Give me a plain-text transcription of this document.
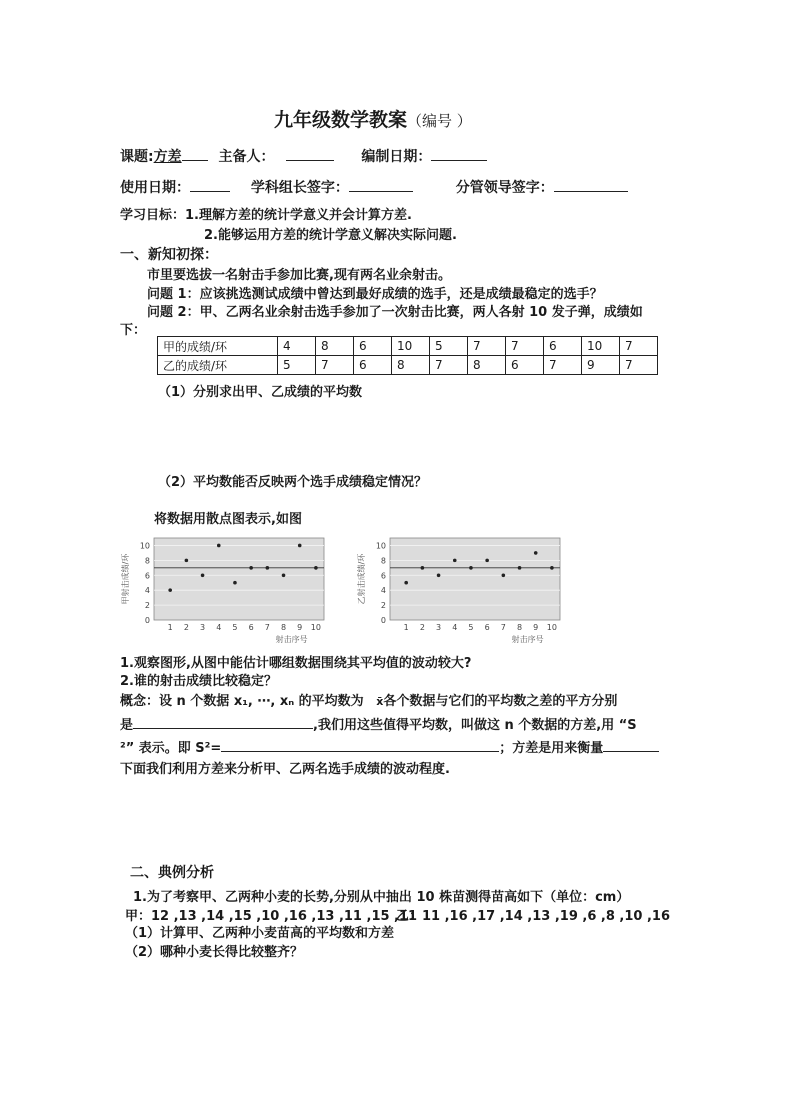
九年级数学教案（编号 ）
课题:方差	主备人：	编制日期：
使用日期：	学科组长签字：	分管领导签字：
学习目标：1.理解方差的统计学意义并会计算方差.
2.能够运用方差的统计学意义解决实际问题.
一、新知初探：
市里要选拔一名射击手参加比赛,现有两名业余射击。
问题 1：应该挑选测试成绩中曾达到最好成绩的选手，还是成绩最稳定的选手？
问题 2：甲、乙两名业余射击选手参加了一次射击比赛，两人各射 10 发子弹，成绩如
下：
甲的成绩/环	4	8	6	10	5	7	7	6	10	7
乙的成绩/环	5	7	6	8	7	8	6	7	9	7
（1）分别求出甲、乙成绩的平均数
（2）平均数能否反映两个选手成绩稳定情况？
将数据用散点图表示,如图
0
2
4
6
8
10
1 2 3 4 5 6 7 8 9 10
射击序号
甲射击成绩/环
0
2
4
6
8
10
1 2 3 4 5 6 7 8 9 10
射击序号
乙射击成绩/环
1.观察图形,从图中能估计哪组数据围绕其平均值的波动较大?
2.谁的射击成绩比较稳定？
概念：设 n 个数据 x₁, ⋯, xₙ 的平均数为 x̄各个数据与它们的平均数之差的平方分别
是	,我们用这些值得平均数，叫做这 n 个数据的方差,用 “S
²” 表示。即 S²=	；方差是用来衡量
下面我们利用方差来分析甲、乙两名选手成绩的波动程度.
二、典例分析
1.为了考察甲、乙两种小麦的长势,分别从中抽出 10 株苗测得苗高如下（单位：cm）
甲：12 ,13 ,14 ,15 ,10 ,16 ,13 ,11 ,15 ,11
乙：11 ,16 ,17 ,14 ,13 ,19 ,6 ,8 ,10 ,16
（1）计算甲、乙两种小麦苗高的平均数和方差
（2）哪种小麦长得比较整齐？
